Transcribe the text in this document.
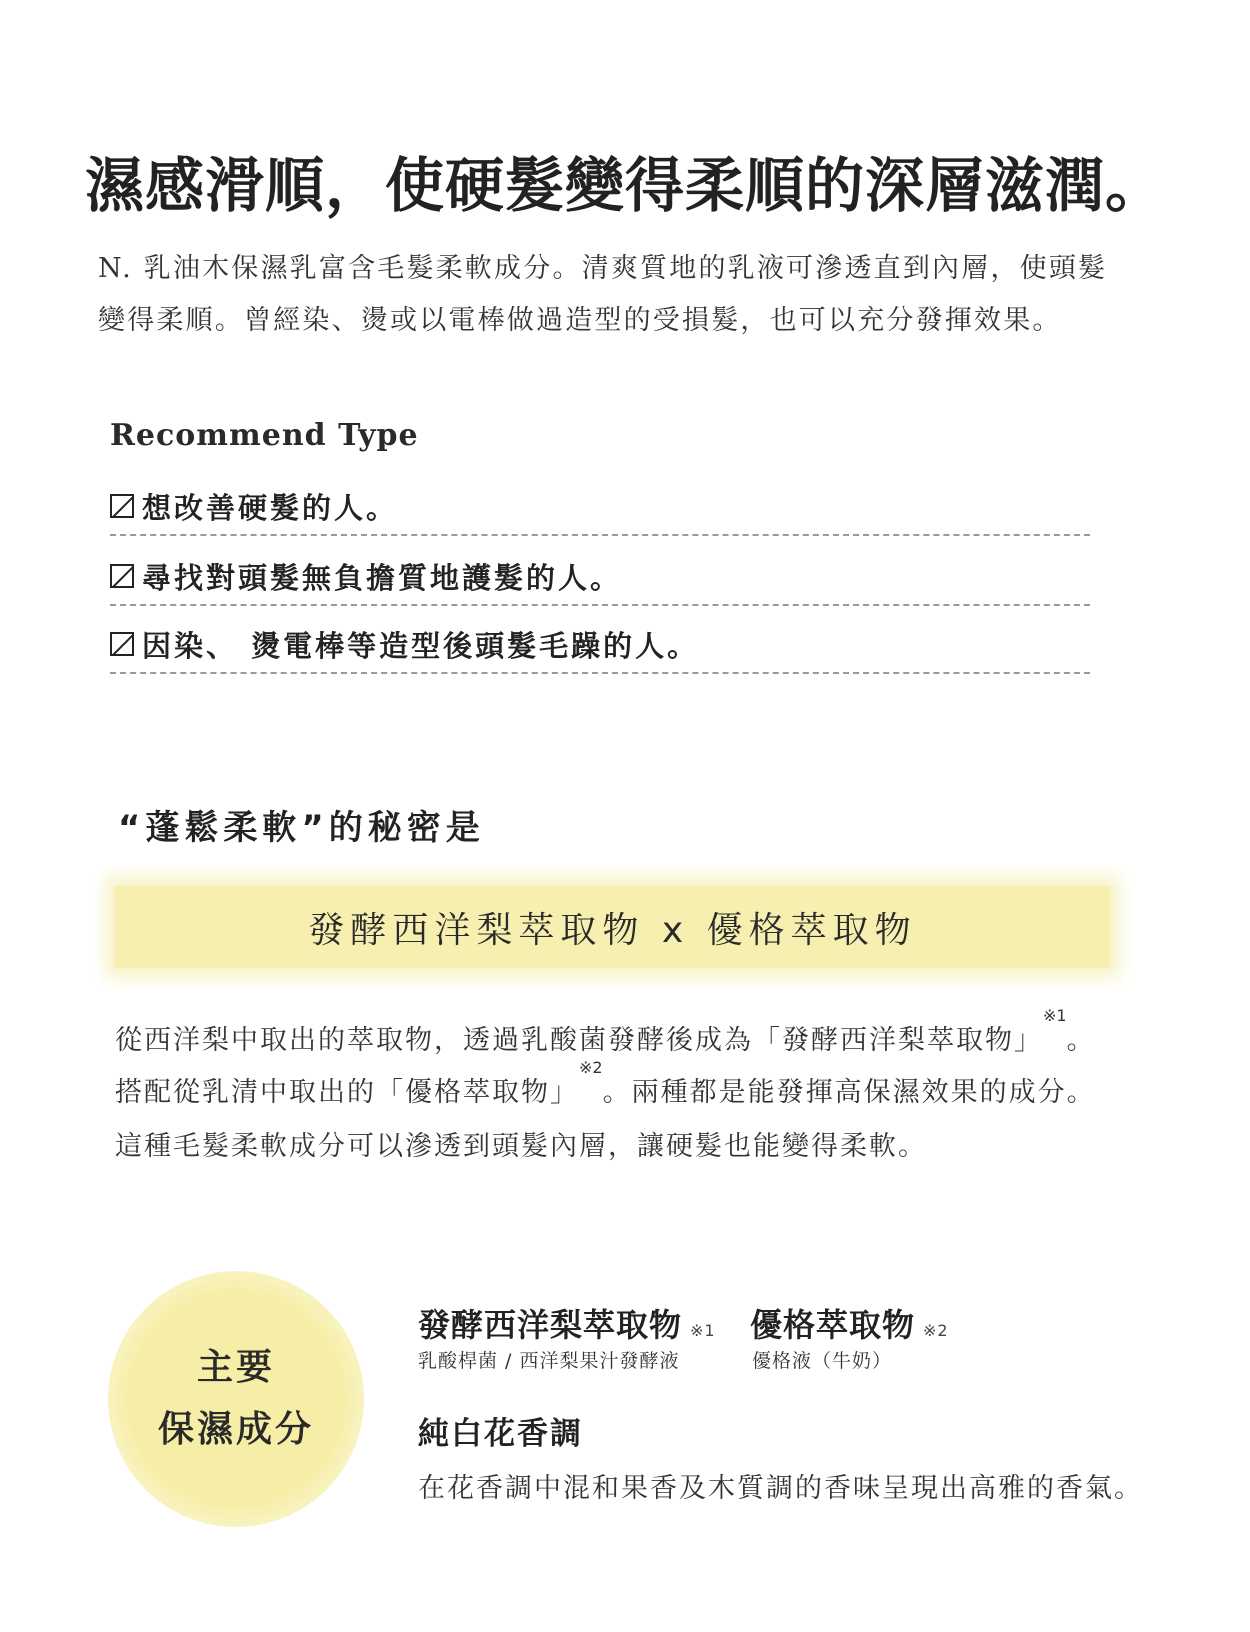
濕感滑順，使硬髮變得柔順的深層滋潤。
N. 乳油木保濕乳富含毛髮柔軟成分。清爽質地的乳液可滲透直到內層，使頭髮
變得柔順。曾經染、燙或以電棒做過造型的受損髮，也可以充分發揮效果。
Recommend Type
想改善硬髮的人。
尋找對頭髮無負擔質地護髮的人。
因染、 燙電棒等造型後頭髮毛躁的人。
“蓬鬆柔軟”的秘密是
發酵西洋梨萃取物 x 優格萃取物
從西洋梨中取出的萃取物，透過乳酸菌發酵後成為「發酵西洋梨萃取物」$^{※1}$。
搭配從乳清中取出的「優格萃取物」$^{※2}$。兩種都是能發揮高保濕效果的成分。
這種毛髮柔軟成分可以滲透到頭髮內層，讓硬髮也能變得柔軟。
主要
保濕成分
發酵西洋梨萃取物 ※1
乳酸桿菌 / 西洋梨果汁發酵液
優格萃取物 ※2
優格液（牛奶）
純白花香調
在花香調中混和果香及木質調的香味呈現出高雅的香氣。
